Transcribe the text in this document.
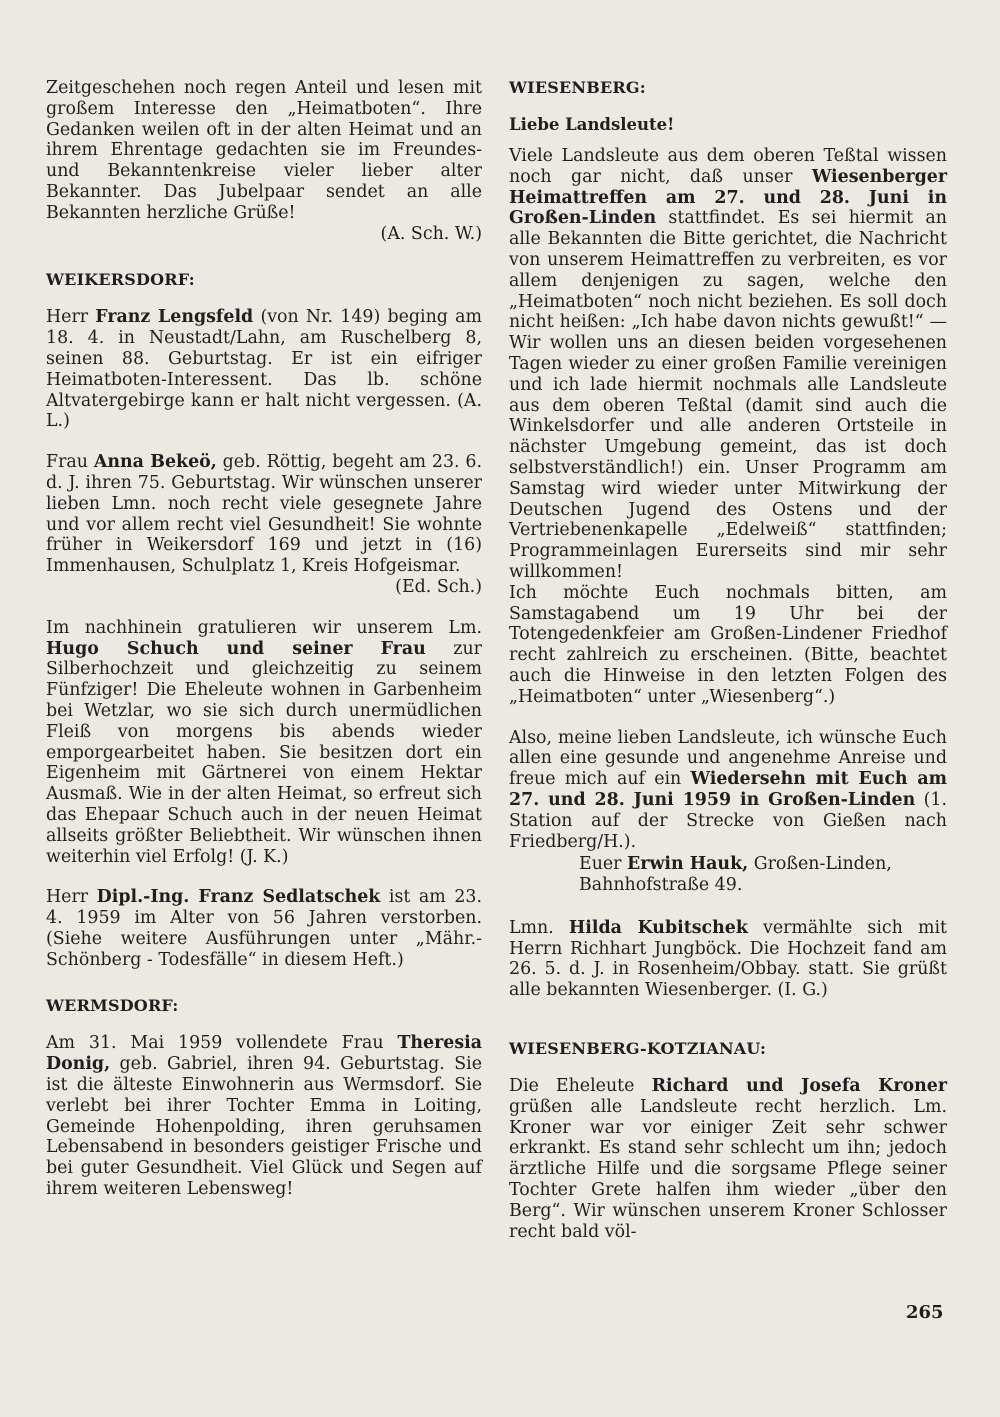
Zeitgeschehen noch regen Anteil und lesen mit großem Interesse den „Heimatboten“. Ihre Gedanken weilen oft in der alten Heimat und an ihrem Ehrentage gedachten sie im Freundes- und Bekanntenkreise vieler lieber alter Bekannter. Das Jubelpaar sendet an alle Bekannten herzliche Grüße!

(A. Sch. W.)
WEIKERSDORF:

Herr Franz Lengsfeld (von Nr. 149) beging am 18. 4. in Neustadt/Lahn, am Ruschelberg 8, seinen 88. Geburtstag. Er ist ein eifriger Heimatboten-Interessent. Das lb. schöne Altvatergebirge kann er halt nicht vergessen. (A. L.)

Frau Anna Bekeö, geb. Röttig, begeht am 23. 6. d. J. ihren 75. Geburtstag. Wir wünschen unserer lieben Lmn. noch recht viele gesegnete Jahre und vor allem recht viel Gesundheit! Sie wohnte früher in Weikersdorf 169 und jetzt in (16) Immenhausen, Schulplatz 1, Kreis Hofgeismar.

(Ed. Sch.)

Im nachhinein gratulieren wir unserem Lm. Hugo Schuch und seiner Frau zur Silberhochzeit und gleichzeitig zu seinem Fünfziger! Die Eheleute wohnen in Garbenheim bei Wetzlar, wo sie sich durch unermüdlichen Fleiß von morgens bis abends wieder emporgearbeitet haben. Sie besitzen dort ein Eigenheim mit Gärtnerei von einem Hektar Ausmaß. Wie in der alten Heimat, so erfreut sich das Ehepaar Schuch auch in der neuen Heimat allseits größter Beliebtheit. Wir wünschen ihnen weiterhin viel Erfolg! (J. K.)

Herr Dipl.-Ing. Franz Sedlatschek ist am 23. 4. 1959 im Alter von 56 Jahren verstorben. (Siehe weitere Ausführungen unter „Mähr.- Schönberg - Todesfälle“ in diesem Heft.)

WERMSDORF:

Am 31. Mai 1959 vollendete Frau Theresia Donig, geb. Gabriel, ihren 94. Geburtstag. Sie ist die älteste Einwohnerin aus Wermsdorf. Sie verlebt bei ihrer Tochter Emma in Loiting, Gemeinde Hohenpolding, ihren geruhsamen Lebensabend in besonders geistiger Frische und bei guter Gesundheit. Viel Glück und Segen auf ihrem weiteren Lebensweg!

WIESENBERG:
Liebe Landsleute!

Viele Landsleute aus dem oberen Teßtal wissen noch gar nicht, daß unser Wiesenberger Heimattreffen am 27. und 28. Juni in Großen-Linden stattfindet. Es sei hiermit an alle Bekannten die Bitte gerichtet, die Nachricht von unserem Heimattreffen zu verbreiten, es vor allem denjenigen zu sagen, welche den „Heimatboten“ noch nicht beziehen. Es soll doch nicht heißen: „Ich habe davon nichts gewußt!“ — Wir wollen uns an diesen beiden vorgesehenen Tagen wieder zu einer großen Familie vereinigen und ich lade hiermit nochmals alle Landsleute aus dem oberen Teßtal (damit sind auch die Winkelsdorfer und alle anderen Ortsteile in nächster Umgebung gemeint, das ist doch selbstverständlich!) ein. Unser Programm am Samstag wird wieder unter Mitwirkung der Deutschen Jugend des Ostens und der Vertriebenenkapelle „Edelweiß“ stattfinden; Programmeinlagen Eurerseits sind mir sehr willkommen!

Ich möchte Euch nochmals bitten, am Samstagabend um 19 Uhr bei der Totengedenkfeier am Großen-Lindener Friedhof recht zahlreich zu erscheinen. (Bitte, beachtet auch die Hinweise in den letzten Folgen des „Heimatboten“ unter „Wiesenberg“.)

Also, meine lieben Landsleute, ich wünsche Euch allen eine gesunde und angenehme Anreise und freue mich auf ein Wiedersehn mit Euch am 27. und 28. Juni 1959 in Großen-Linden (1. Station auf der Strecke von Gießen nach Friedberg/H.).

Euer Erwin Hauk, Großen-Linden, Bahnhofstraße 49.

Lmn. Hilda Kubitschek vermählte sich mit Herrn Richhart Jungböck. Die Hochzeit fand am 26. 5. d. J. in Rosenheim/Obbay. statt. Sie grüßt alle bekannten Wiesenberger. (I. G.)

WIESENBERG-KOTZIANAU:

Die Eheleute Richard und Josefa Kroner grüßen alle Landsleute recht herzlich. Lm. Kroner war vor einiger Zeit sehr schwer erkrankt. Es stand sehr schlecht um ihn; jedoch ärztliche Hilfe und die sorgsame Pflege seiner Tochter Grete halfen ihm wieder „über den Berg“. Wir wünschen unserem Kroner Schlosser recht bald völ-

265
